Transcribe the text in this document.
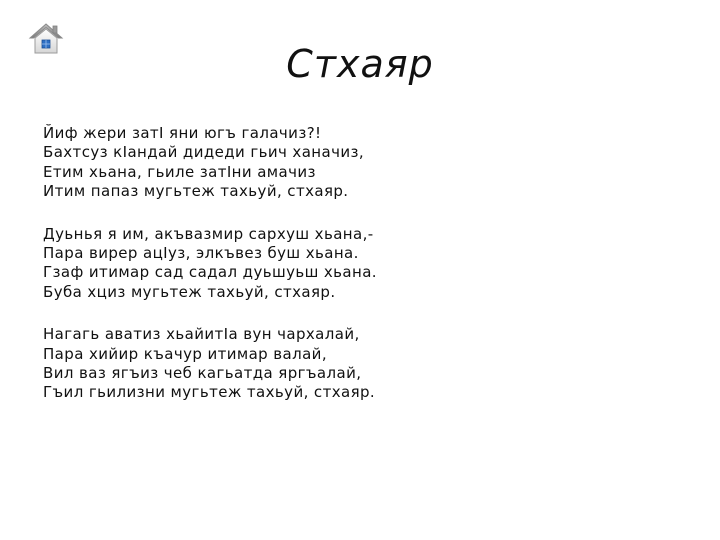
Стхаяр
Йиф жери затI яни югъ галачиз?!
Бахтсуз кIандай дидеди гьич ханачиз,
Етим хьана, гьиле затIни амачиз
Итим папаз мугьтеж тахьуй, стхаяр.
Дуьнья я им, акъвазмир сархуш хьана,-
Пара вирер ацIуз, элкъвез буш хьана.
Гзаф итимар сад садал дуьшуьш хьана.
Буба хциз мугьтеж тахьуй, стхаяр.
Нагагь аватиз хьайитIа вун чархалай,
Пара хийир къачур итимар валай,
Вил ваз ягъиз чеб кагьатда яргъалай,
Гъил гьилизни мугьтеж тахьуй, стхаяр.
